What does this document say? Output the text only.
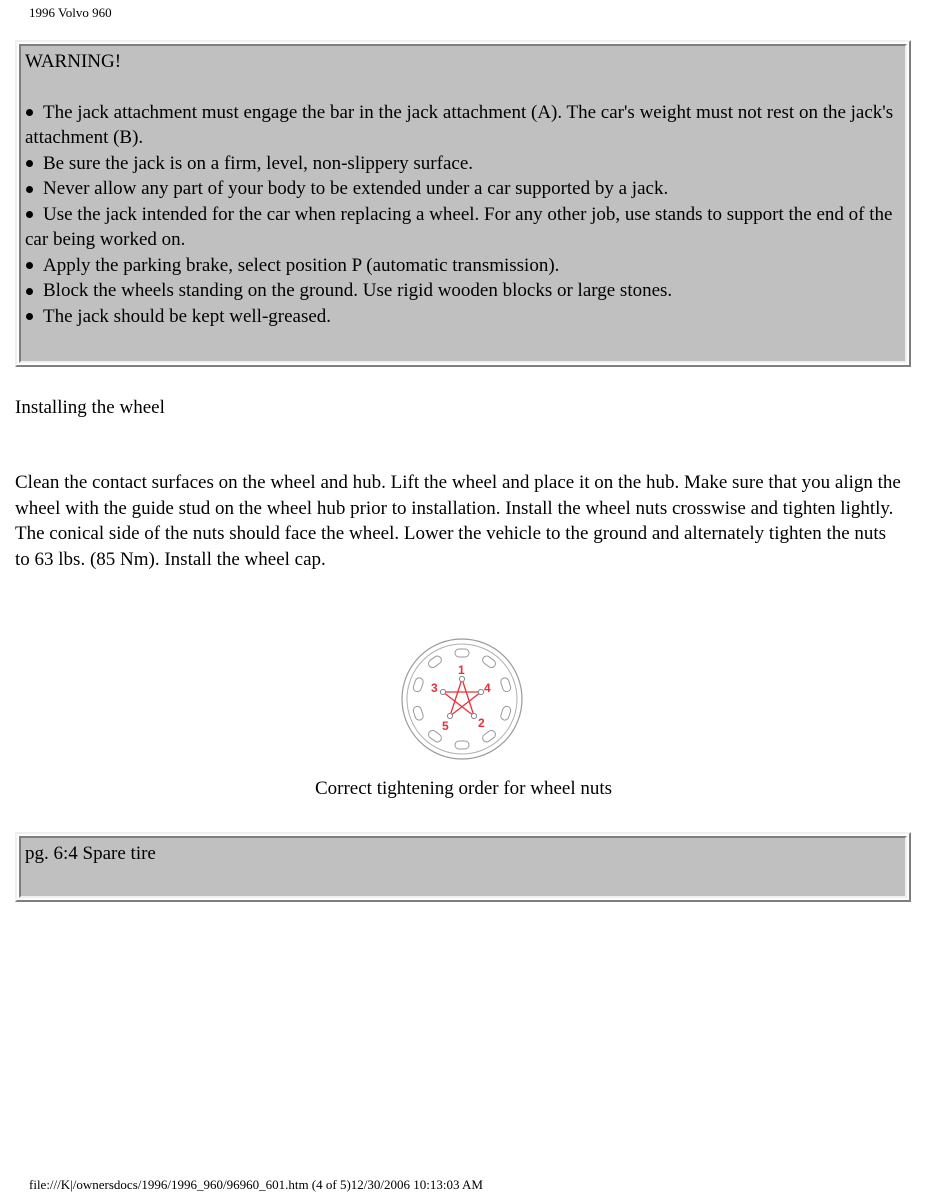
1996 Volvo 960
WARNING!
The jack attachment must engage the bar in the jack attachment (A). The car's weight must not rest on the jack's attachment (B).
Be sure the jack is on a firm, level, non-slippery surface.
Never allow any part of your body to be extended under a car supported by a jack.
Use the jack intended for the car when replacing a wheel. For any other job, use stands to support the end of the car being worked on.
Apply the parking brake, select position P (automatic transmission).
Block the wheels standing on the ground. Use rigid wooden blocks or large stones.
The jack should be kept well-greased.
Installing the wheel

Clean the contact surfaces on the wheel and hub. Lift the wheel and place it on the hub. Make sure that you align the wheel with the guide stud on the wheel hub prior to installation. Install the wheel nuts crosswise and tighten lightly. The conical side of the nuts should face the wheel. Lower the vehicle to the ground and alternately tighten the nuts to 63 lbs. (85 Nm). Install the wheel cap.

1
2
3	4
5
Correct tightening order for wheel nuts
pg. 6:4 Spare tire
file:///K|/ownersdocs/1996/1996_960/96960_601.htm (4 of 5)12/30/2006 10:13:03 AM
